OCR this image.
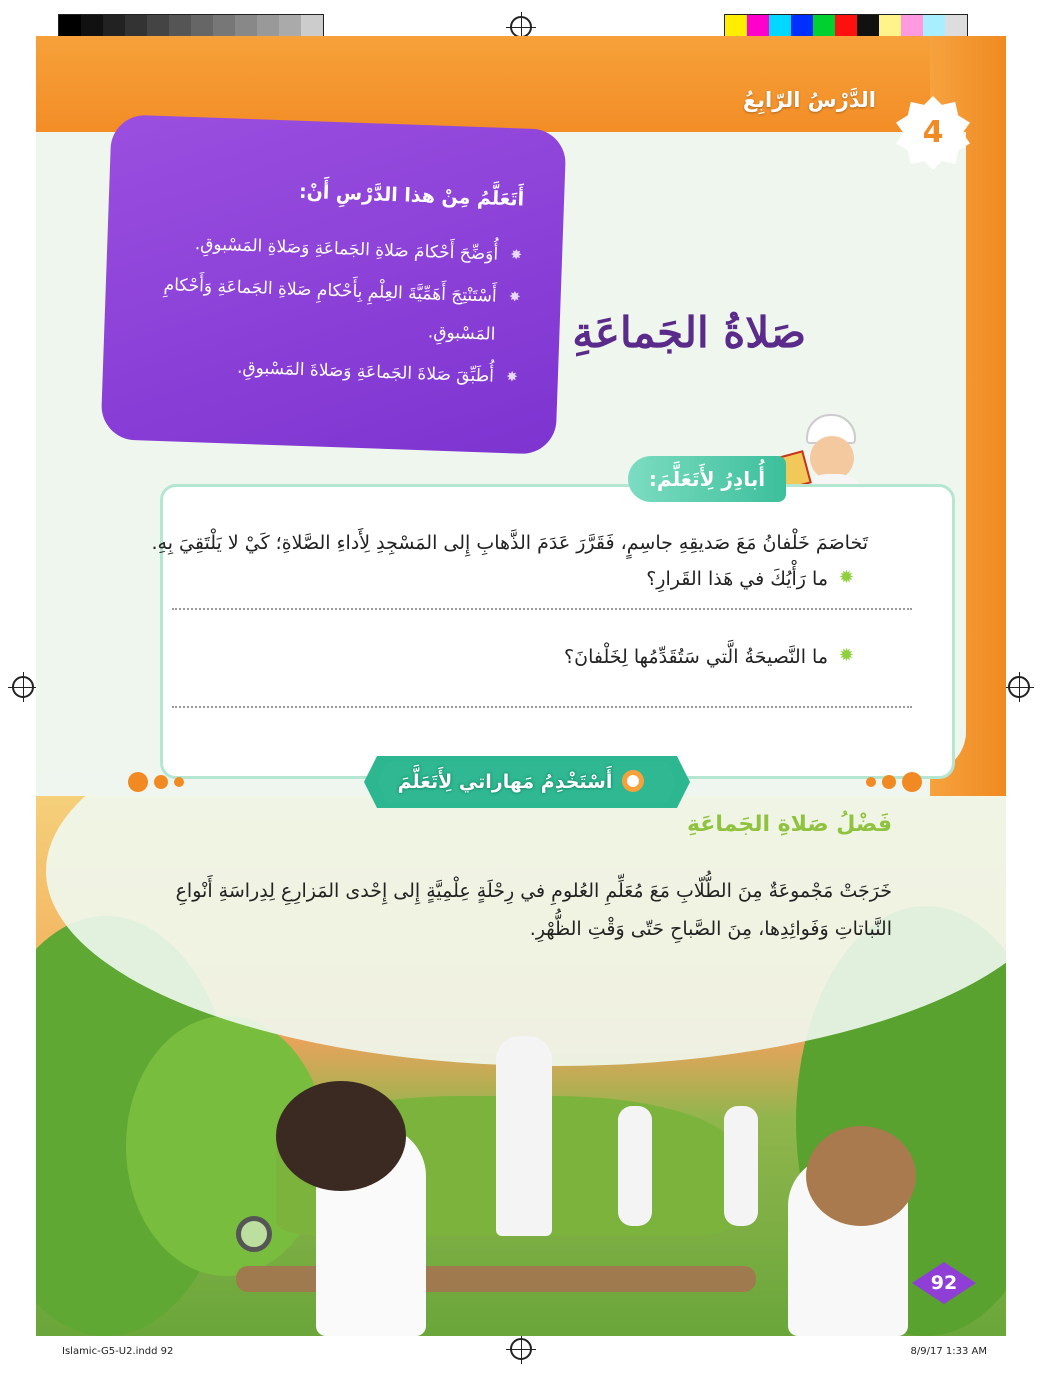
الدَّرْسُ الرّابِعُ
4
أَتَعَلَّمُ مِنْ هذا الدَّرْسِ أَنْ:
✸ أُوَضِّحَ أَحْكامَ صَلاةِ الجَماعَةِ وَصَلاةِ المَسْبوقِ.
✸ أَسْتَنْتِجَ أَهَمِّيَّةَ العِلْمِ بِأَحْكامِ صَلاةِ الجَماعَةِ وَأَحْكامِ المَسْبوقِ.
✸ أُطَبِّقَ صَلاةَ الجَماعَةِ وَصَلاةَ المَسْبوقِ.
صَلاةُ الجَماعَةِ
أُبادِرُ لِأَتَعَلَّمَ:
تَخاصَمَ خَلْفانُ مَعَ صَديقِهِ جاسِمٍ، فَقَرَّرَ عَدَمَ الذَّهابِ إِلى المَسْجِدِ لِأَداءِ الصَّلاةِ؛ كَيْ لا يَلْتَقِيَ بِهِ.
✹ ما رَأْيُكَ في هَذا القَرارِ؟
✹ ما النَّصيحَةُ الَّتي سَتُقَدِّمُها لِخَلْفانَ؟
أَسْتَخْدِمُ مَهاراتي لِأَتَعَلَّمَ
فَضْلُ صَلاةِ الجَماعَةِ
خَرَجَتْ مَجْموعَةٌ مِنَ الطُّلّابِ مَعَ مُعَلِّمِ العُلومِ في رِحْلَةٍ عِلْمِيَّةٍ إِلى إِحْدى المَزارِعِ لِدِراسَةِ أَنْواعِ النَّباتاتِ وَفَوائِدِها، مِنَ الصَّباحِ حَتّى وَقْتِ الظُّهْرِ.
92
Islamic-G5-U2.indd 92	8/9/17 1:33 AM
